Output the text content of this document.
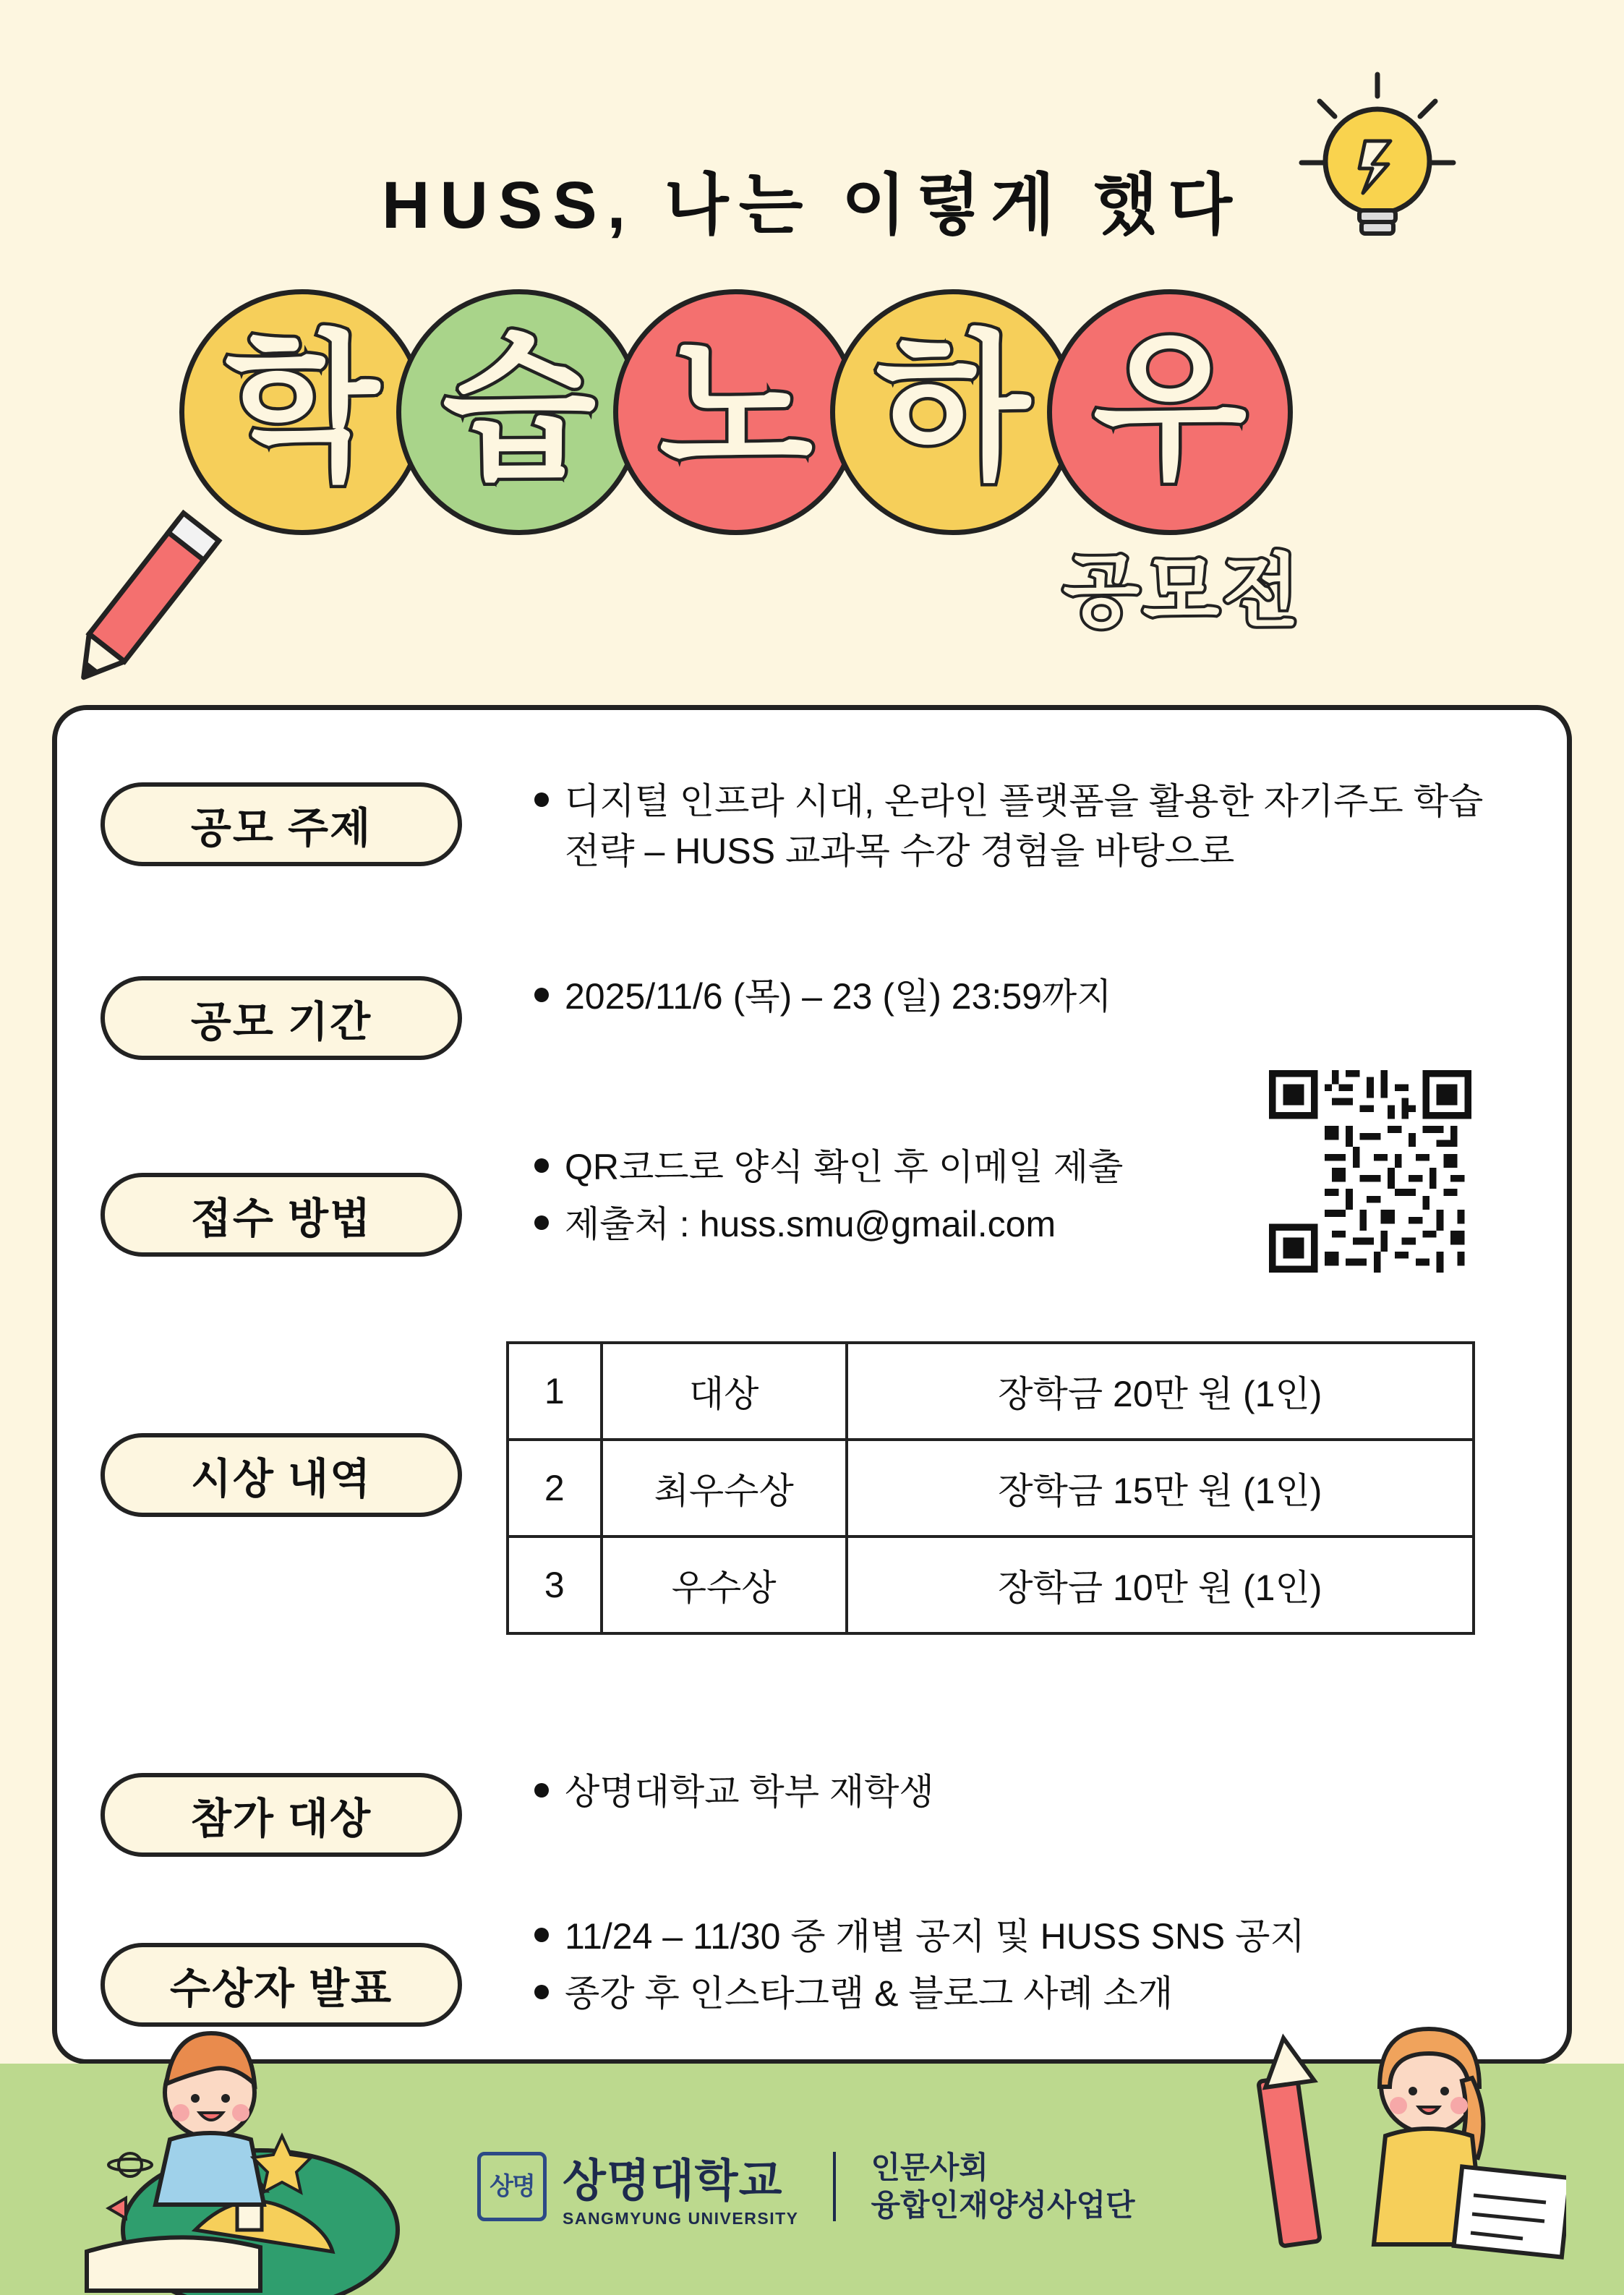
HUSS, 나는 이렇게 했다
학 습 노 하 우
공모전
공모 주제
디지털 인프라 시대, 온라인 플랫폼을 활용한 자기주도 학습 전략 – HUSS 교과목 수강 경험을 바탕으로
공모 기간
2025/11/6 (목) – 23 (일) 23:59까지
접수 방법
QR코드로 양식 확인 후 이메일 제출
제출처 : huss.smu@gmail.com
시상 내역
참가 대상
상명대학교 학부 재학생
수상자 발표
11/24 – 11/30 중 개별 공지 및 HUSS SNS 공지
종강 후 인스타그램 & 블로그 사례 소개
1	대상	장학금 20만 원 (1인)
2	최우수상	장학금 15만 원 (1인)
3	우수상	장학금 10만 원 (1인)
상명 상명대학교
SANGMYUNG UNIVERSITY
인문사회
융합인재양성사업단
